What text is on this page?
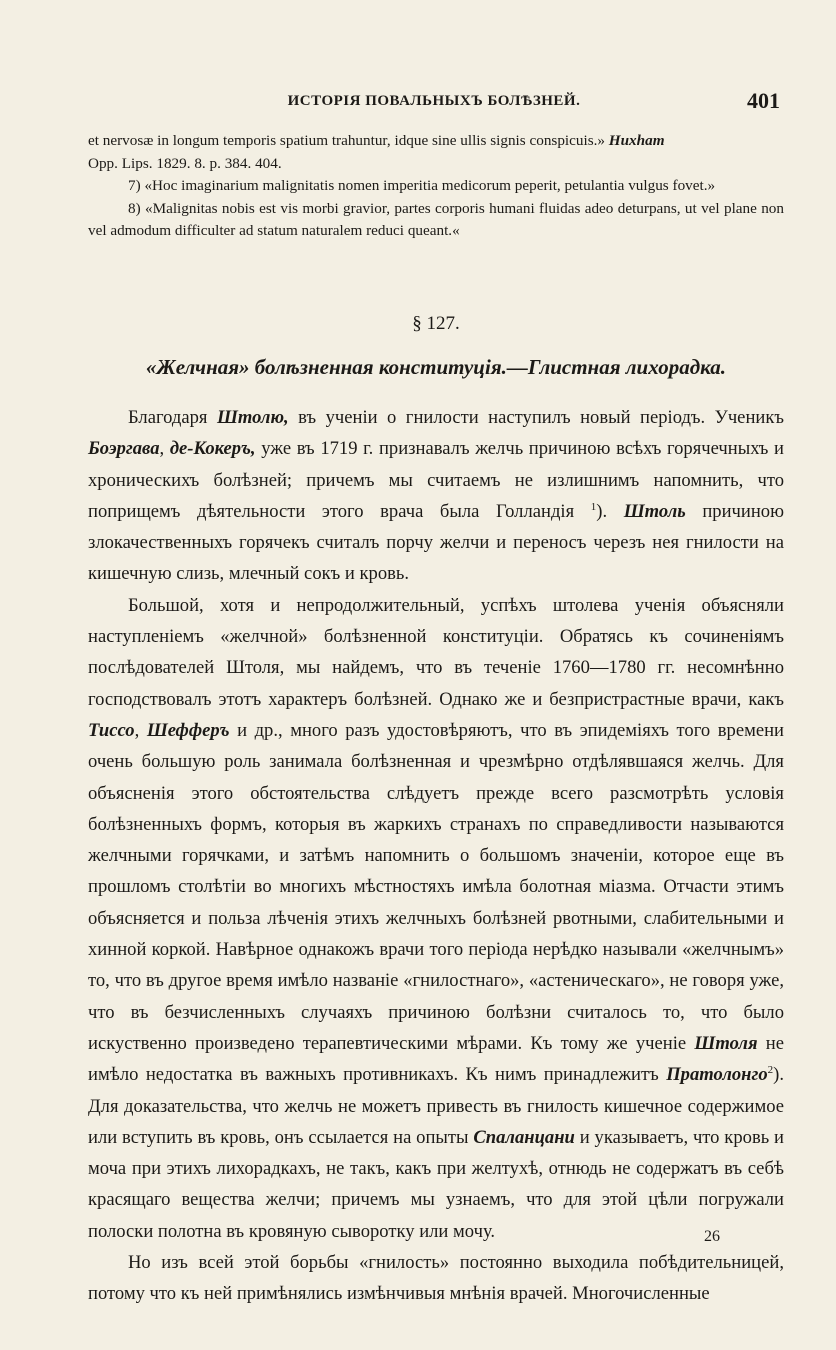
ИСТОРІЯ ПОВАЛЬНЫХЪ БОЛѢЗНЕЙ.	401

et nervosæ in longum temporis spatium trahuntur, idque sine ullis signis conspicuis.» Huxham
Opp. Lips. 1829. 8. p. 384. 404.

7) «Hoc imaginarium malignitatis nomen imperitia medicorum peperit, petulantia vulgus fovet.»

8) «Malignitas nobis est vis morbi gravior, partes corporis humani fluidas adeo deturpans, ut vel plane non vel admodum difficulter ad statum naturalem reduci queant.«

§ 127.
«Желчная» болѣзненная конституція.—Глистная лихорадка.

Благодаря Штолю, въ ученіи о гнилости наступилъ новый періодъ. Ученикъ Боэргава, де-Кокеръ, уже въ 1719 г. признавалъ желчь причиною всѣхъ горячечныхъ и хроническихъ болѣзней; причемъ мы считаемъ не излишнимъ напомнить, что поприщемъ дѣятельности этого врача была Голландія $^1$). Штоль причиною злокачественныхъ горячекъ считалъ порчу желчи и переносъ черезъ нея гнилости на кишечную слизь, млечный сокъ и кровь.

Большой, хотя и непродолжительный, успѣхъ штолева ученія объясняли наступленіемъ «желчной» болѣзненной конституціи. Обратясь къ сочиненіямъ послѣдователей Штоля, мы найдемъ, что въ теченіе 1760—1780 гг. несомнѣнно господствовалъ этотъ характеръ болѣзней. Однако же и безпристрастные врачи, какъ Тиссо, Шефферъ и др., много разъ удостовѣряютъ, что въ эпидеміяхъ того времени очень большую роль занимала болѣзненная и чрезмѣрно отдѣлявшаяся желчь. Для объясненія этого обстоятельства слѣдуетъ прежде всего разсмотрѣть условія болѣзненныхъ формъ, которыя въ жаркихъ странахъ по справедливости называются желчными горячками, и затѣмъ напомнить о большомъ значеніи, которое еще въ прошломъ столѣтіи во многихъ мѣстностяхъ имѣла болотная міазма. Отчасти этимъ объясняется и польза лѣченія этихъ желчныхъ болѣзней рвотными, слабительными и хинной коркой. Навѣрное однакожъ врачи того періода нерѣдко называли «желчнымъ» то, что въ другое время имѣло названіе «гнилостнаго», «астеническаго», не говоря уже, что въ безчисленныхъ случаяхъ причиною болѣзни считалось то, что было искуственно произведено терапевтическими мѣрами. Къ тому же ученіе Штоля не имѣло недостатка въ важныхъ противникахъ. Къ нимъ принадлежитъ Пратолонго$^2$). Для доказательства, что желчь не можетъ привесть въ гнилость кишечное содержимое или вступить въ кровь, онъ ссылается на опыты Спаланцани и указываетъ, что кровь и моча при этихъ лихорадкахъ, не такъ, какъ при желтухѣ, отнюдь не содержатъ въ себѣ красящаго вещества желчи; причемъ мы узнаемъ, что для этой цѣли погружали полоски полотна въ кровяную сыворотку или мочу.

Но изъ всей этой борьбы «гнилость» постоянно выходила побѣдительницей, потому что къ ней примѣнялись измѣнчивыя мнѣнія врачей. Многочисленные

26
